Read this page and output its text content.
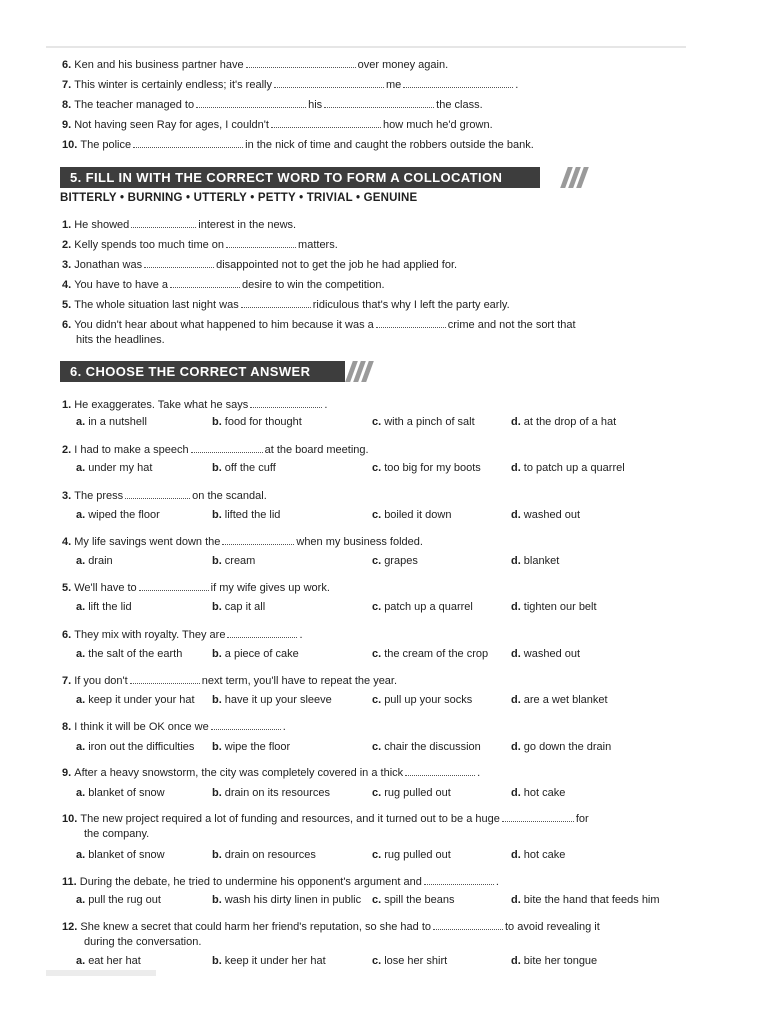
6. Ken and his business partner have	over money again.
7. This winter is certainly endless; it's really	me	.
8. The teacher managed to	his	the class.
9. Not having seen Ray for ages, I couldn't	how much he'd grown.
10. The police	in the nick of time and caught the robbers outside the bank.
5. FILL IN WITH THE CORRECT WORD TO FORM A COLLOCATION
BITTERLY • BURNING • UTTERLY • PETTY • TRIVIAL • GENUINE
1. He showed	interest in the news.
2. Kelly spends too much time on	matters.
3. Jonathan was	disappointed not to get the job he had applied for.
4. You have to have a	desire to win the competition.
5. The whole situation last night was	ridiculous that's why I left the party early.
6. You didn't hear about what happened to him because it was a	crime and not the sort that
hits the headlines.
6. CHOOSE THE CORRECT ANSWER
1. He exaggerates. Take what he says	.
a. in a nutshell	b. food for thought	c. with a pinch of salt	d. at the drop of a hat
2. I had to make a speech	at the board meeting.
a. under my hat	b. off the cuff	c. too big for my boots	d. to patch up a quarrel
3. The press	on the scandal.
a. wiped the floor	b. lifted the lid	c. boiled it down	d. washed out
4. My life savings went down the	when my business folded.
a. drain	b. cream	c. grapes	d. blanket
5. We'll have to	if my wife gives up work.
a. lift the lid	b. cap it all	c. patch up a quarrel	d. tighten our belt
6. They mix with royalty. They are	.
a. the salt of the earth	b. a piece of cake	c. the cream of the crop d. washed out
7. If you don't	next term, you'll have to repeat the year.
a. keep it under your hat b. have it up your sleeve	c. pull up your socks	d. are a wet blanket
8. I think it will be OK once we	.
a. iron out the difficulties b. wipe the floor	c. chair the discussion	d. go down the drain
9. After a heavy snowstorm, the city was completely covered in a thick	.
a. blanket of snow	b. drain on its resources	c. rug pulled out	d. hot cake
10. The new project required a lot of funding and resources, and it turned out to be a huge	for
the company.
a. blanket of snow	b. drain on resources	c. rug pulled out	d. hot cake
11. During the debate, he tried to undermine his opponent's argument and	.
a. pull the rug out	b. wash his dirty linen in public c. spill the beans	d. bite the hand that feeds him
12. She knew a secret that could harm her friend's reputation, so she had to	to avoid revealing it
during the conversation.
a. eat her hat	b. keep it under her hat	c. lose her shirt	d. bite her tongue
